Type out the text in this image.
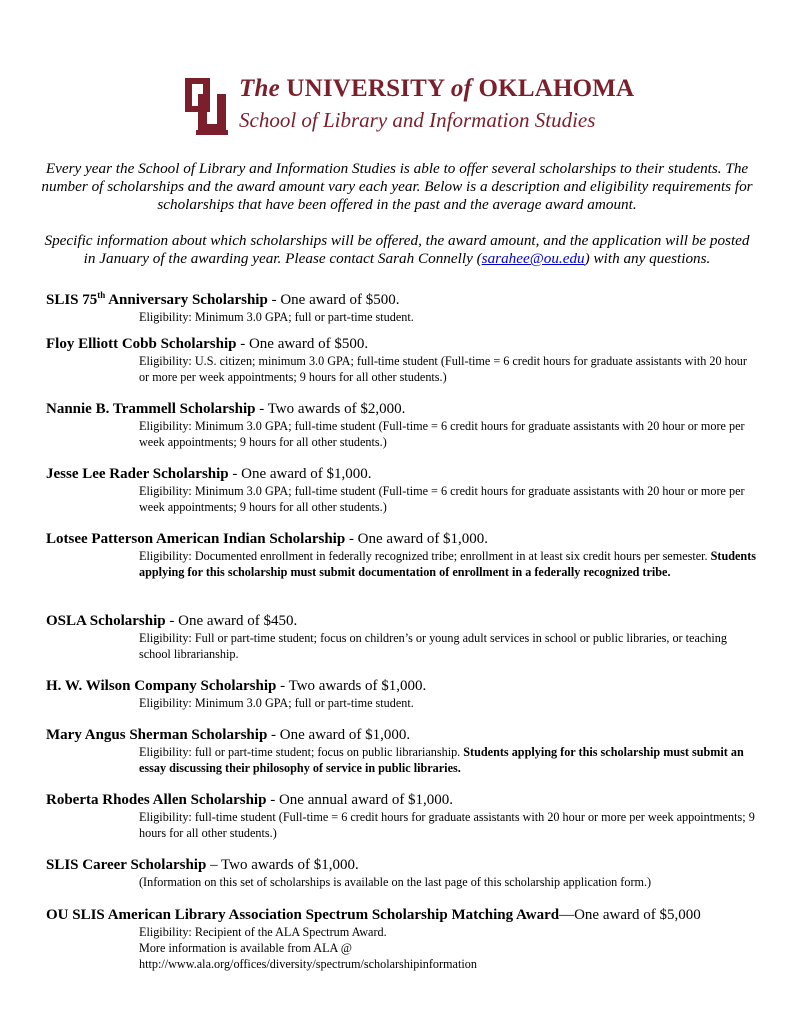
The UNIVERSITY of OKLAHOMA
School of Library and Information Studies

Every year the School of Library and Information Studies is able to offer several scholarships to their students. The number of scholarships and the award amount vary each year. Below is a description and eligibility requirements for scholarships that have been offered in the past and the average award amount.

Specific information about which scholarships will be offered, the award amount, and the application will be posted in January of the awarding year. Please contact Sarah Connelly (sarahee@ou.edu) with any questions.

SLIS 75th Anniversary Scholarship - One award of $500.
Eligibility: Minimum 3.0 GPA; full or part-time student.
Floy Elliott Cobb Scholarship - One award of $500.
Eligibility: U.S. citizen; minimum 3.0 GPA; full-time student (Full-time = 6 credit hours for graduate assistants with 20 hour or more per week appointments; 9 hours for all other students.)
Nannie B. Trammell Scholarship - Two awards of $2,000.
Eligibility: Minimum 3.0 GPA; full-time student (Full-time = 6 credit hours for graduate assistants with 20 hour or more per week appointments; 9 hours for all other students.)
Jesse Lee Rader Scholarship - One award of $1,000.
Eligibility: Minimum 3.0 GPA; full-time student (Full-time = 6 credit hours for graduate assistants with 20 hour or more per week appointments; 9 hours for all other students.)
Lotsee Patterson American Indian Scholarship - One award of $1,000.
Eligibility: Documented enrollment in federally recognized tribe; enrollment in at least six credit hours per semester. Students applying for this scholarship must submit documentation of enrollment in a federally recognized tribe.
OSLA Scholarship - One award of $450.
Eligibility: Full or part-time student; focus on children’s or young adult services in school or public libraries, or teaching school librarianship.
H. W. Wilson Company Scholarship - Two awards of $1,000.
Eligibility: Minimum 3.0 GPA; full or part-time student.
Mary Angus Sherman Scholarship - One award of $1,000.
Eligibility: full or part-time student; focus on public librarianship. Students applying for this scholarship must submit an essay discussing their philosophy of service in public libraries.
Roberta Rhodes Allen Scholarship - One annual award of $1,000.
Eligibility: full-time student (Full-time = 6 credit hours for graduate assistants with 20 hour or more per week appointments; 9 hours for all other students.)
SLIS Career Scholarship – Two awards of $1,000.
(Information on this set of scholarships is available on the last page of this scholarship application form.)
OU SLIS American Library Association Spectrum Scholarship Matching Award—One award of $5,000
Eligibility: Recipient of the ALA Spectrum Award.
More information is available from ALA @
http://www.ala.org/offices/diversity/spectrum/scholarshipinformation
